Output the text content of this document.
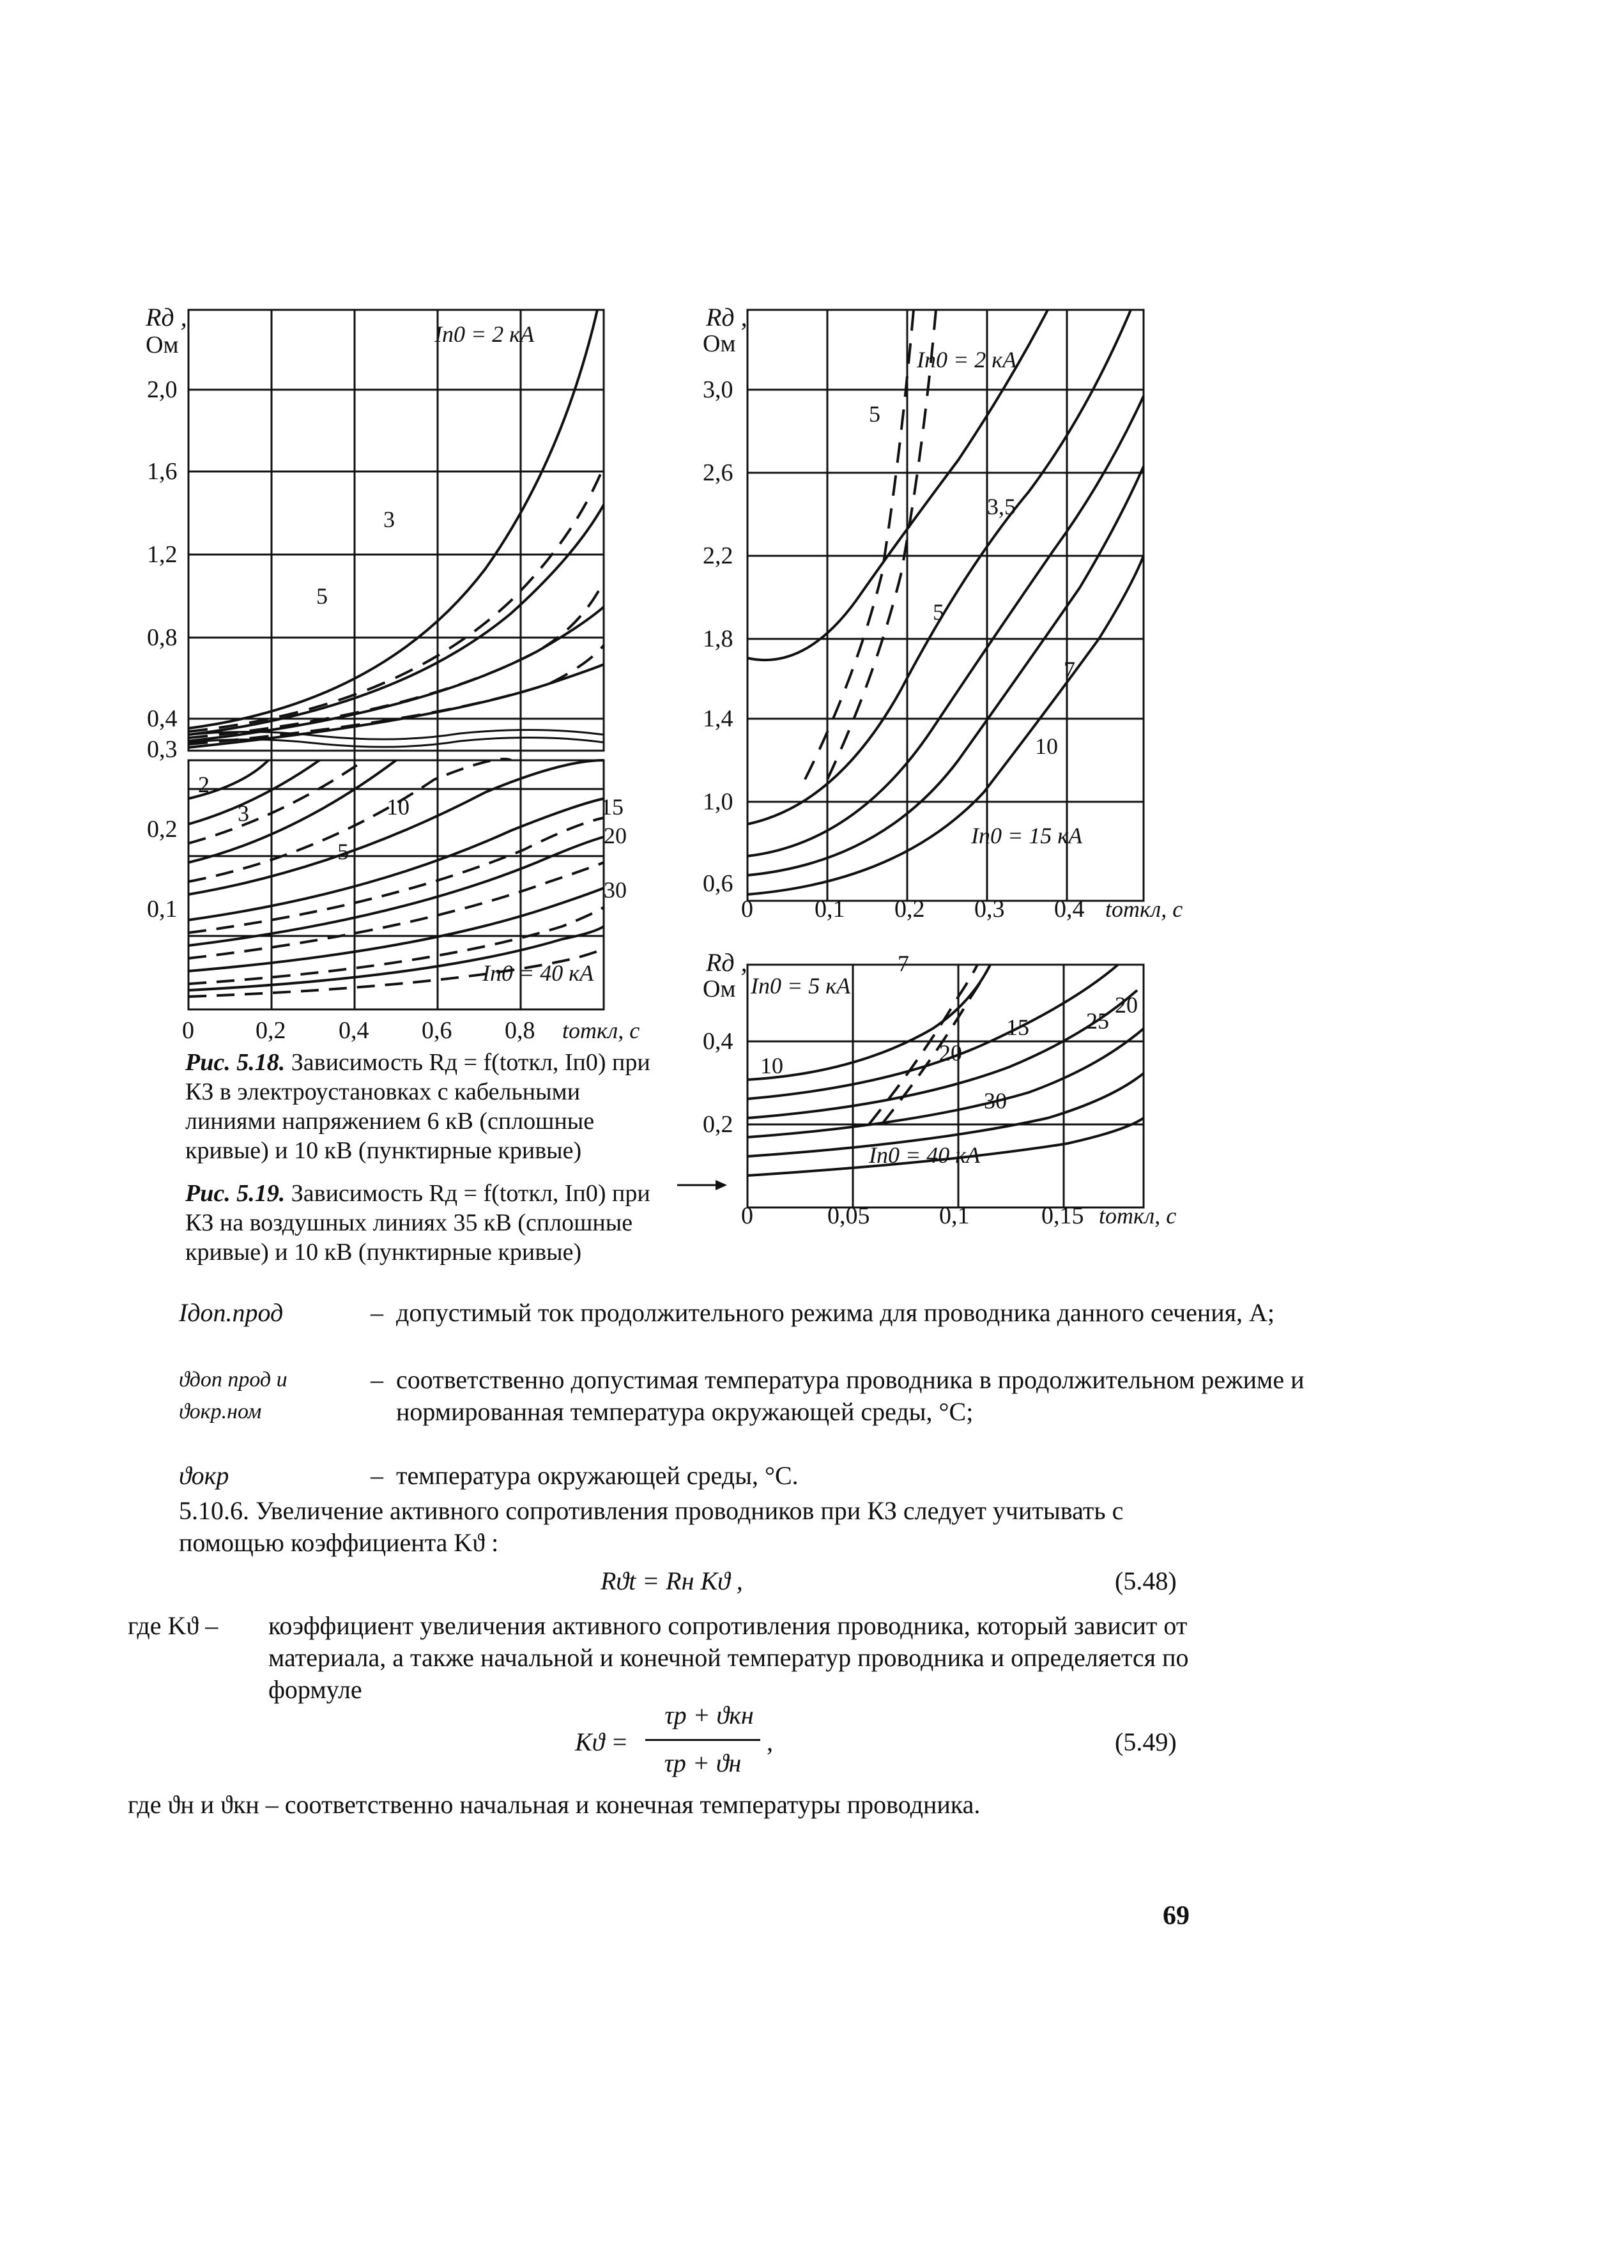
Rд ,
Ом
2,0
1,6
1,2
0,8
0,4
0,3
0,2
0,1
0	0,2 0,4 0,6 0,8 tоткл, с
Iп0 = 2 кА
3
5
2
3
5
10	15
20
30
Iп0 = 40 кА
Рис. 5.18. Зависимость Rд = f(tоткл, Iп0) при КЗ в электроустановках с кабельными линиями напряжением 6 кВ (сплошные кривые) и 10 кВ (пунктирные кривые)
Rд ,
Ом
3,0
2,6
2,2
1,8
1,4
1,0
0,6
0	0,1 0,2 0,3 0,4 tоткл, с
Iп0 = 2 кА
5
3,5
5
7
10
Iп0 = 15 кА
Rд ,
Ом
0,4
0,2
0	0,05	0,1	0,15 tоткл, с
Iп0 = 5 кА
7
15
20
25
20
10
30
Iп0 = 40 кА
Рис. 5.19. Зависимость Rд = f(tоткл, Iп0) при КЗ на воздушных линиях 35 кВ (сплошные кривые) и 10 кВ (пунктирные кривые)
Iдоп.прод	– допустимый ток продолжительного режима для проводника данного сечения, А;
ϑдоп прод и ϑокр.ном
– соответственно допустимая температура проводника в продолжительном режиме и нормированная температура окружающей среды, °С;
ϑокр	– температура окружающей среды, °С.
5.10.6. Увеличение активного сопротивления проводников при КЗ следует учитывать с помощью коэффициента Kϑ :
Rϑt = Rн Kϑ ,	(5.48)
где Kϑ – коэффициент увеличения активного сопротивления проводника, который зависит от материала, а также начальной и конечной температур проводника и определяется по формуле
Kϑ =
τр + ϑкн
τр + ϑн
,	(5.49)
где ϑн и ϑкн – соответственно начальная и конечная температуры проводника.
69
